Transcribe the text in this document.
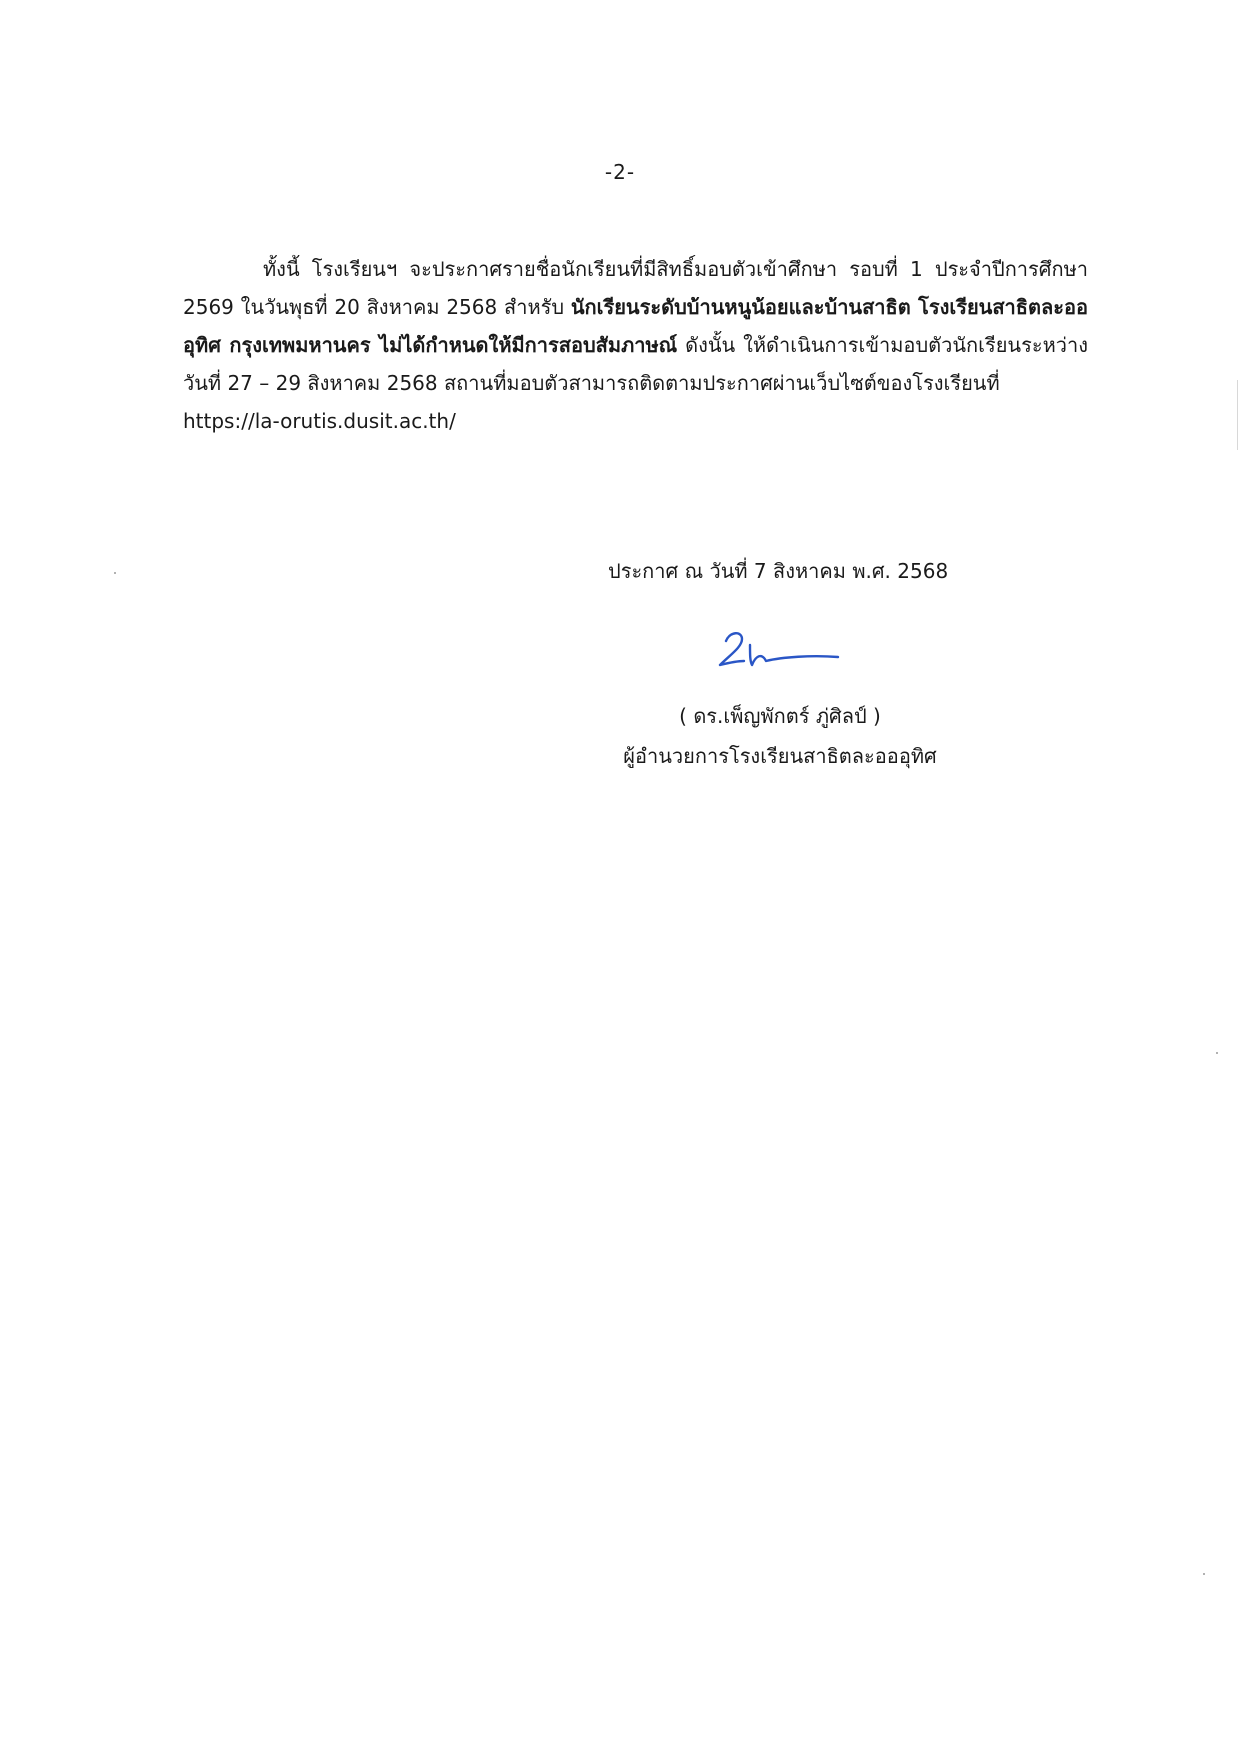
-2-
ทั้งนี้ โรงเรียนฯ จะประกาศรายชื่อนักเรียนที่มีสิทธิ์มอบตัวเข้าศึกษา รอบที่ 1 ประจำปีการศึกษา 2569 ในวันพุธที่ 20 สิงหาคม 2568 สำหรับ นักเรียนระดับบ้านหนูน้อยและบ้านสาธิต โรงเรียนสาธิตละอออุทิศ กรุงเทพมหานคร ไม่ได้กำหนดให้มีการสอบสัมภาษณ์ ดังนั้น ให้ดำเนินการเข้ามอบตัวนักเรียนระหว่างวันที่ 27 – 29 สิงหาคม 2568 สถานที่มอบตัวสามารถติดตามประกาศผ่านเว็บไซต์ของโรงเรียนที่
https://la-orutis.dusit.ac.th/
ประกาศ ณ วันที่ 7 สิงหาคม พ.ศ. 2568
( ดร.เพ็ญพักตร์ ภู่ศิลป์ )
ผู้อำนวยการโรงเรียนสาธิตละอออุทิศ
